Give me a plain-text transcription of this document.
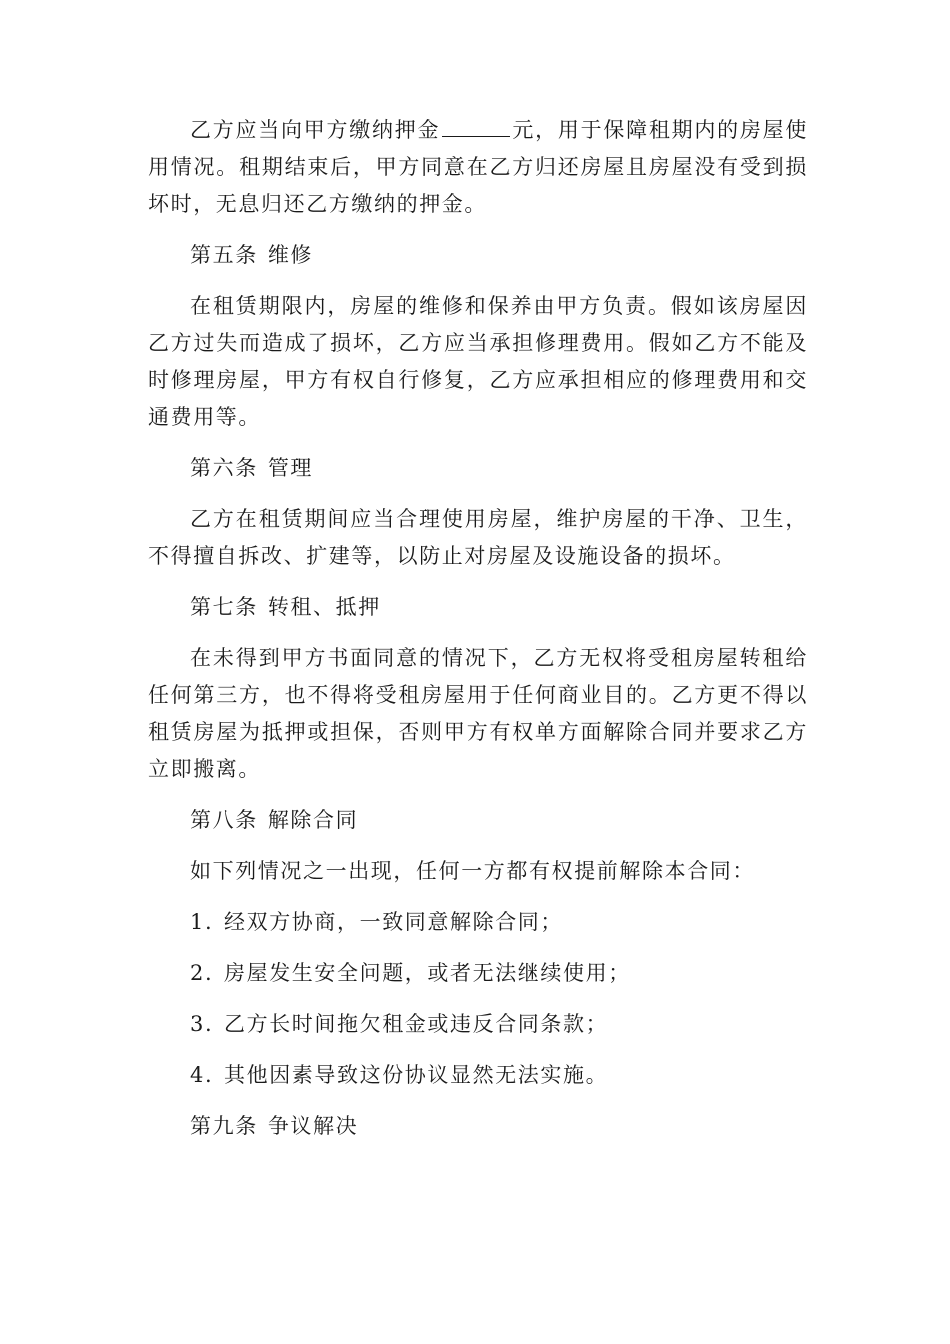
乙方应当向甲方缴纳押金	元，用于保障租期内的房屋使用情况。租期结束后，甲方同意在乙方归还房屋且房屋没有受到损坏时，无息归还乙方缴纳的押金。

第五条 维修

在租赁期限内，房屋的维修和保养由甲方负责。假如该房屋因乙方过失而造成了损坏，乙方应当承担修理费用。假如乙方不能及时修理房屋，甲方有权自行修复，乙方应承担相应的修理费用和交通费用等。

第六条 管理

乙方在租赁期间应当合理使用房屋，维护房屋的干净、卫生，不得擅自拆改、扩建等，以防止对房屋及设施设备的损坏。

第七条 转租、抵押

在未得到甲方书面同意的情况下，乙方无权将受租房屋转租给任何第三方，也不得将受租房屋用于任何商业目的。乙方更不得以租赁房屋为抵押或担保，否则甲方有权单方面解除合同并要求乙方立即搬离。

第八条 解除合同

如下列情况之一出现，任何一方都有权提前解除本合同：

1. 经双方协商，一致同意解除合同；
2. 房屋发生安全问题，或者无法继续使用；
3. 乙方长时间拖欠租金或违反合同条款；
4. 其他因素导致这份协议显然无法实施。
第九条 争议解决
